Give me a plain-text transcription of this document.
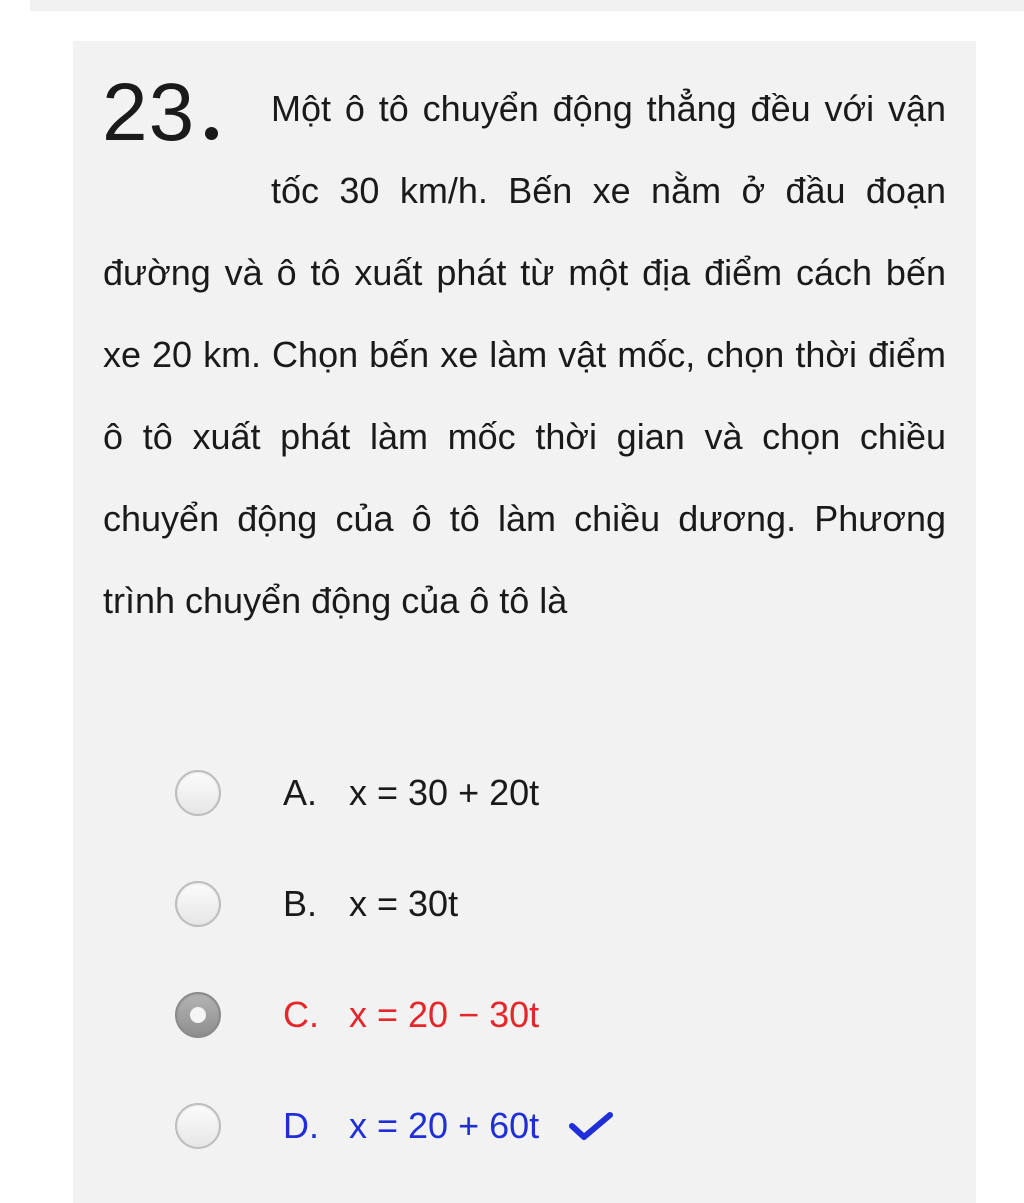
23	Một ô tô chuyển động thẳng đều với vận tốc 30 km/h. Bến xe nằm ở đầu đoạn đường và ô tô xuất phát từ một địa điểm cách bến xe 20 km. Chọn bến xe làm vật mốc, chọn thời điểm ô tô xuất phát làm mốc thời gian và chọn chiều chuyển động của ô tô làm chiều dương. Phương trình chuyển động của ô tô là
A. x = 30 + 20t
B. x = 30t
C. x = 20 − 30t
D. x = 20 + 60t
